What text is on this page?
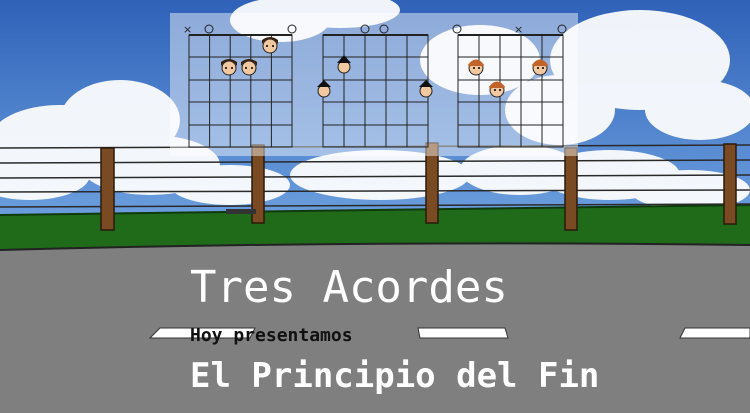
×	×
Tres Acordes
Hoy presentamos
El Principio del Fin
